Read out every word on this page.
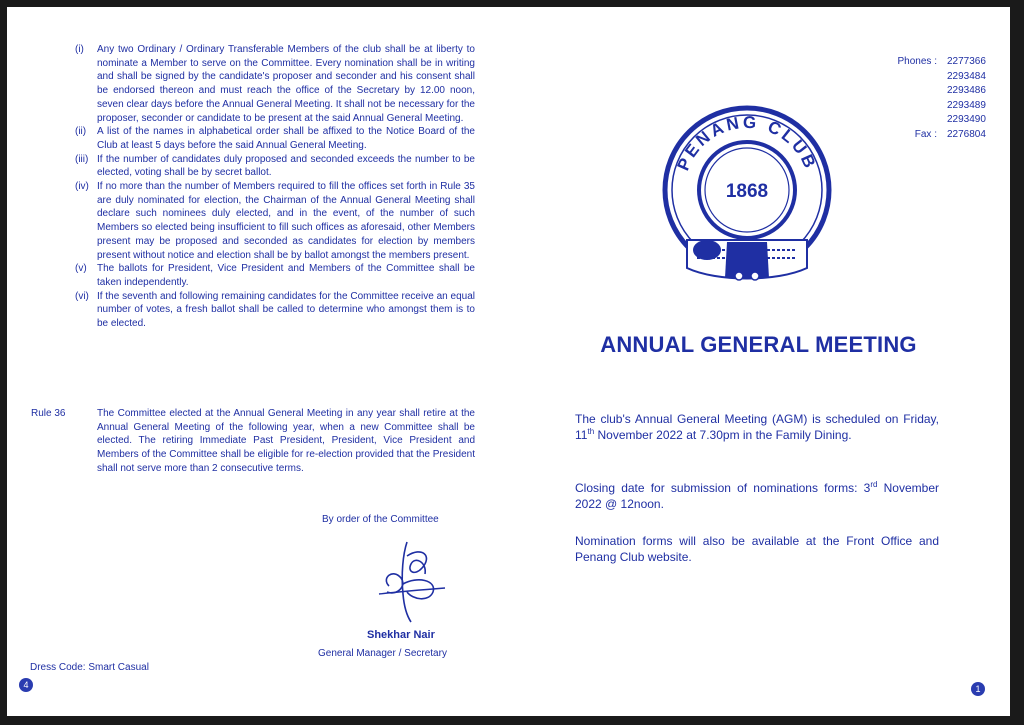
(i)	Any two Ordinary / Ordinary Transferable Members of the club shall be at liberty to nominate a Member to serve on the Committee. Every nomination shall be in writing and shall be signed by the candidate's proposer and seconder and his consent shall be endorsed thereon and must reach the office of the Secretary by 12.00 noon, seven clear days before the Annual General Meeting. It shall not be necessary for the proposer, seconder or candidate to be present at the said Annual General Meeting.
(ii)	A list of the names in alphabetical order shall be affixed to the Notice Board of the Club at least 5 days before the said Annual General Meeting.
(iii) If the number of candidates duly proposed and seconded exceeds the number to be elected, voting shall be by secret ballot.
(iv) If no more than the number of Members required to fill the offices set forth in Rule 35 are duly nominated for election, the Chairman of the Annual General Meeting shall declare such nominees duly elected, and in the event, of the number of such Members so elected being insufficient to fill such offices as aforesaid, other Members present may be proposed and seconded as candidates for election by members present without notice and election shall be by ballot amongst the members present.
(v)	The ballots for President, Vice President and Members of the Committee shall be taken independently.
(vi) If the seventh and following remaining candidates for the Committee receive an equal number of votes, a fresh ballot shall be called to determine who amongst them is to be elected.
Rule 36	The Committee elected at the Annual General Meeting in any year shall retire at the Annual General Meeting of the following year, when a new Committee shall be elected. The retiring Immediate Past President, President, Vice President and Members of the Committee shall be eligible for re-election provided that the President shall not serve more than 2 consecutive terms.
By order of the Committee
Shekhar Nair
General Manager / Secretary
Dress Code: Smart Casual
4
Phones :	2277366
2293484
2293486
2293489
2293490
Fax :	2276804
PENANG CLUB
1868
ANNUAL GENERAL MEETING

The club's Annual General Meeting (AGM) is scheduled on Friday, 11th November 2022 at 7.30pm in the Family Dining.

Closing date for submission of nominations forms: 3rd November 2022 @ 12noon.

Nomination forms will also be available at the Front Office and Penang Club website.

1
